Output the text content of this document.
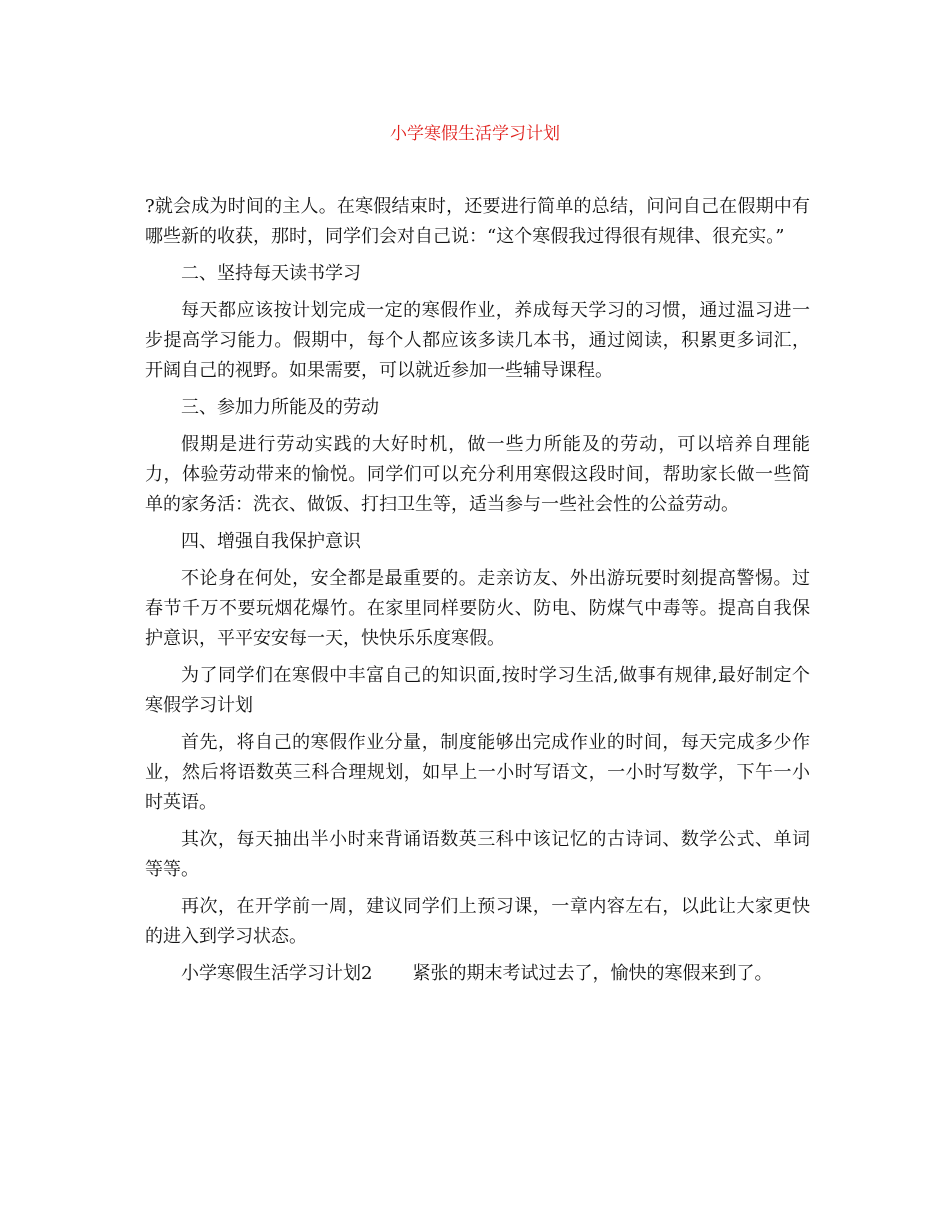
小学寒假生活学习计划

?就会成为时间的主人。在寒假结束时，还要进行简单的总结，问问自己在假期中有哪些新的收获，那时，同学们会对自己说：“这个寒假我过得很有规律、很充实。”

二、坚持每天读书学习

每天都应该按计划完成一定的寒假作业，养成每天学习的习惯，通过温习进一步提高学习能力。假期中，每个人都应该多读几本书，通过阅读，积累更多词汇，开阔自己的视野。如果需要，可以就近参加一些辅导课程。

三、参加力所能及的劳动

假期是进行劳动实践的大好时机，做一些力所能及的劳动，可以培养自理能力，体验劳动带来的愉悦。同学们可以充分利用寒假这段时间，帮助家长做一些简单的家务活：洗衣、做饭、打扫卫生等，适当参与一些社会性的公益劳动。

四、增强自我保护意识

不论身在何处，安全都是最重要的。走亲访友、外出游玩要时刻提高警惕。过春节千万不要玩烟花爆竹。在家里同样要防火、防电、防煤气中毒等。提高自我保护意识，平平安安每一天，快快乐乐度寒假。

为了同学们在寒假中丰富自己的知识面,按时学习生活,做事有规律,最好制定个寒假学习计划

首先，将自己的寒假作业分量，制度能够出完成作业的时间，每天完成多少作业，然后将语数英三科合理规划，如早上一小时写语文，一小时写数学，下午一小时英语。

其次，每天抽出半小时来背诵语数英三科中该记忆的古诗词、数学公式、单词等等。

再次，在开学前一周，建议同学们上预习课，一章内容左右，以此让大家更快的进入到学习状态。

小学寒假生活学习计划2 紧张的期末考试过去了，愉快的寒假来到了。
